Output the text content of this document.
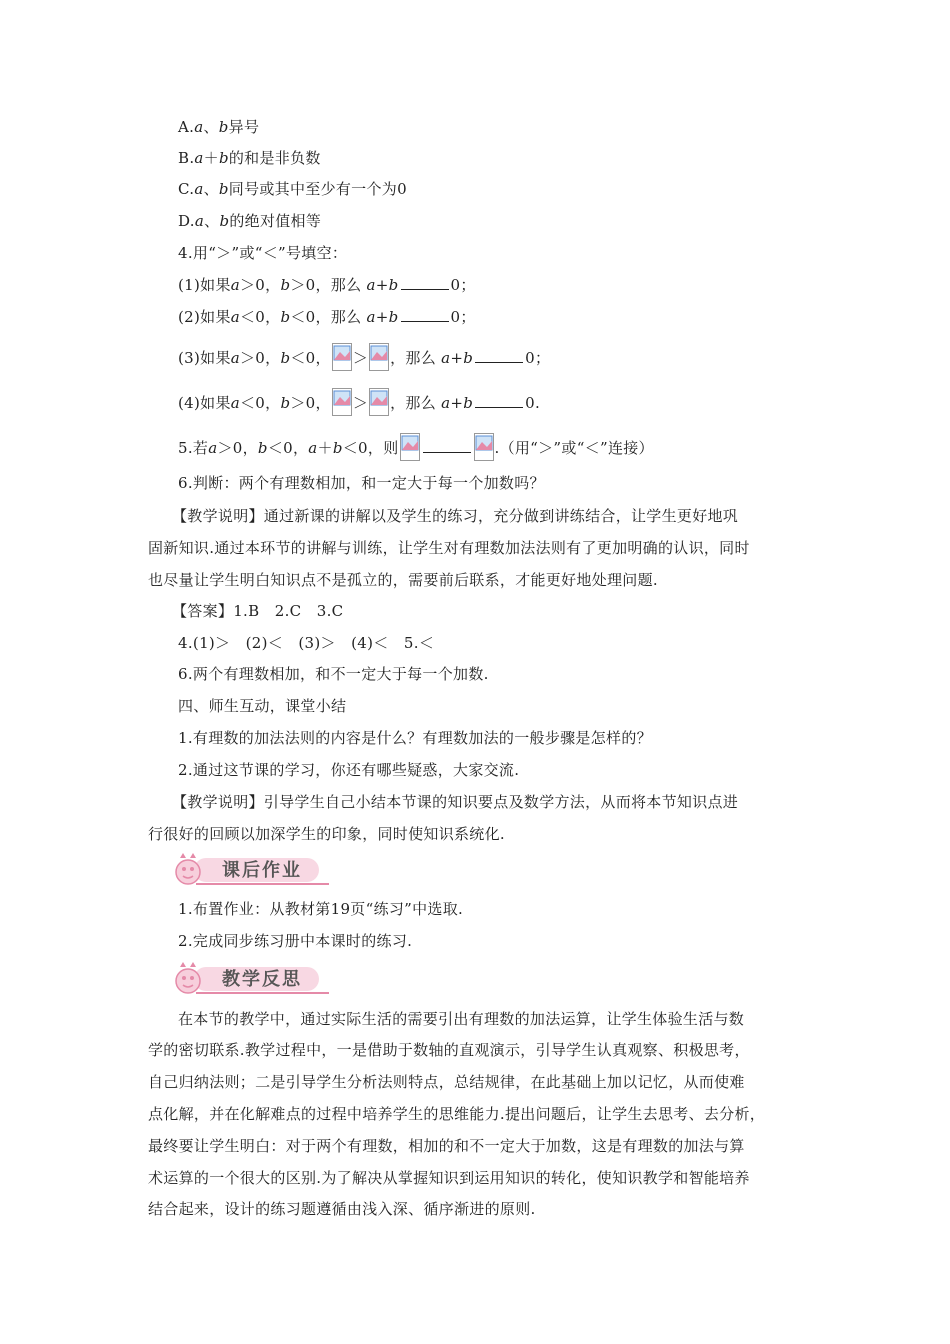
A.a、b异号
B.a＋b的和是非负数
C.a、b同号或其中至少有一个为0
D.a、b的绝对值相等
4.用“＞”或“＜”号填空：
(1)如果a＞0，b＞0，那么 a+b	0；
(2)如果a＜0，b＜0，那么 a+b	0；
(3)如果a＞0，b＜0， ＞ ，那么 a+b	0；
(4)如果a＜0，b＞0， ＞ ，那么 a+b	0.
5.若a＞0，b＜0，a＋b＜0，则	.（用“＞”或“＜”连接）
6.判断：两个有理数相加，和一定大于每一个加数吗？
【教学说明】通过新课的讲解以及学生的练习，充分做到讲练结合，让学生更好地巩
固新知识.通过本环节的讲解与训练，让学生对有理数加法法则有了更加明确的认识，同时
也尽量让学生明白知识点不是孤立的，需要前后联系，才能更好地处理问题.
【答案】1.B　2.C　3.C
4.(1)＞　(2)＜　(3)＞　(4)＜　5.＜
6.两个有理数相加，和不一定大于每一个加数.
四、师生互动，课堂小结
1.有理数的加法法则的内容是什么？有理数加法的一般步骤是怎样的？
2.通过这节课的学习，你还有哪些疑惑，大家交流.
【教学说明】引导学生自己小结本节课的知识要点及数学方法，从而将本节知识点进
行很好的回顾以加深学生的印象，同时使知识系统化.
课后作业
1.布置作业：从教材第19页“练习”中选取.
2.完成同步练习册中本课时的练习.
教学反思
在本节的教学中，通过实际生活的需要引出有理数的加法运算，让学生体验生活与数
学的密切联系.教学过程中，一是借助于数轴的直观演示，引导学生认真观察、积极思考，
自己归纳法则；二是引导学生分析法则特点，总结规律，在此基础上加以记忆，从而使难
点化解，并在化解难点的过程中培养学生的思维能力.提出问题后，让学生去思考、去分析，
最终要让学生明白：对于两个有理数，相加的和不一定大于加数，这是有理数的加法与算
术运算的一个很大的区别.为了解决从掌握知识到运用知识的转化，使知识教学和智能培养
结合起来，设计的练习题遵循由浅入深、循序渐进的原则.
